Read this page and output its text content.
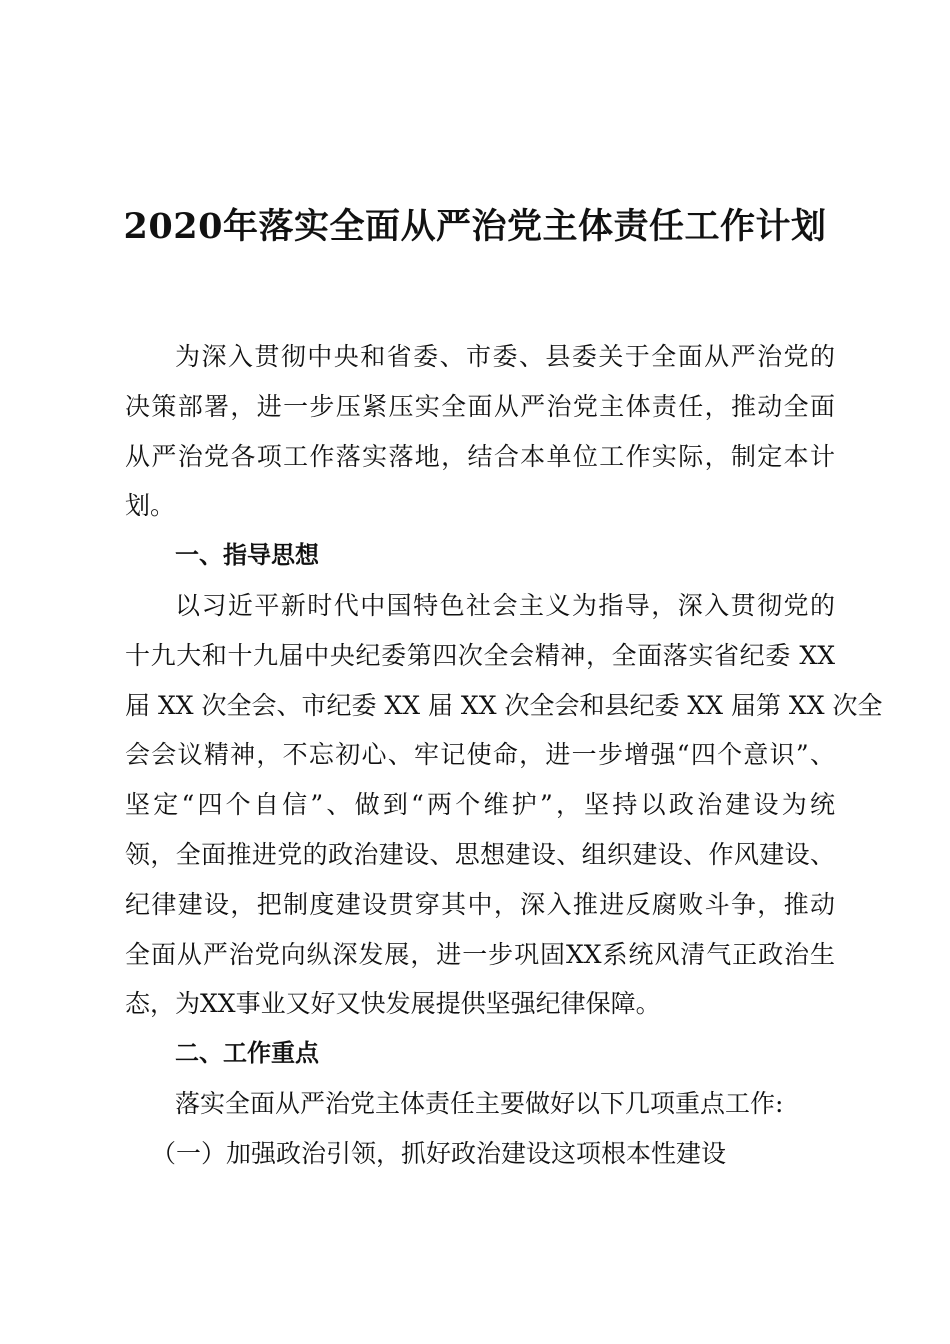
2020年落实全面从严治党主体责任工作计划
为深入贯彻中央和省委、市委、县委关于全面从严治党的
决策部署，进一步压紧压实全面从严治党主体责任，推动全面
从严治党各项工作落实落地，结合本单位工作实际，制定本计
划。
一、指导思想
以习近平新时代中国特色社会主义为指导，深入贯彻党的
十九大和十九届中央纪委第四次全会精神，全面落实省纪委 XX
届 XX 次全会、市纪委 XX 届 XX 次全会和县纪委 XX 届第 XX 次全
会会议精神，不忘初心、牢记使命，进一步增强“四个意识”、
坚定“四个自信”、做到“两个维护”，坚持以政治建设为统
领，全面推进党的政治建设、思想建设、组织建设、作风建设、
纪律建设，把制度建设贯穿其中，深入推进反腐败斗争，推动
全面从严治党向纵深发展，进一步巩固XX系统风清气正政治生
态，为XX事业又好又快发展提供坚强纪律保障。
二、工作重点
落实全面从严治党主体责任主要做好以下几项重点工作:
（一）加强政治引领，抓好政治建设这项根本性建设
